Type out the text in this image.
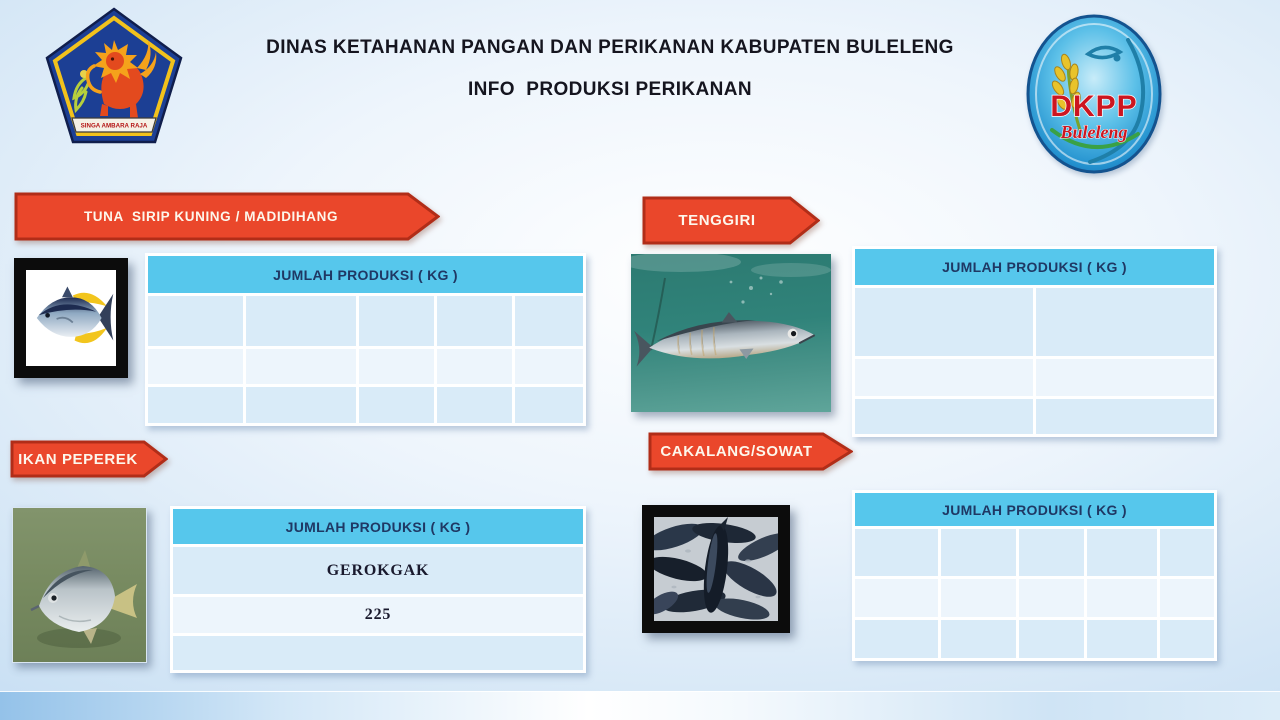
DINAS KETAHANAN PANGAN DAN PERIKANAN KABUPATEN BULELENG
INFO  PRODUKSI PERIKANAN
SINGA AMBARA RAJA
DKPP
Buleleng
TUNA  SIRIP KUNING / MADIDIHANG
JUMLAH PRODUKSI ( KG )
TENGGIRI
JUMLAH PRODUKSI ( KG )
IKAN PEPEREK
JUMLAH PRODUKSI ( KG )
GEROKGAK
225
CAKALANG/SOWAT
JUMLAH PRODUKSI ( KG )
